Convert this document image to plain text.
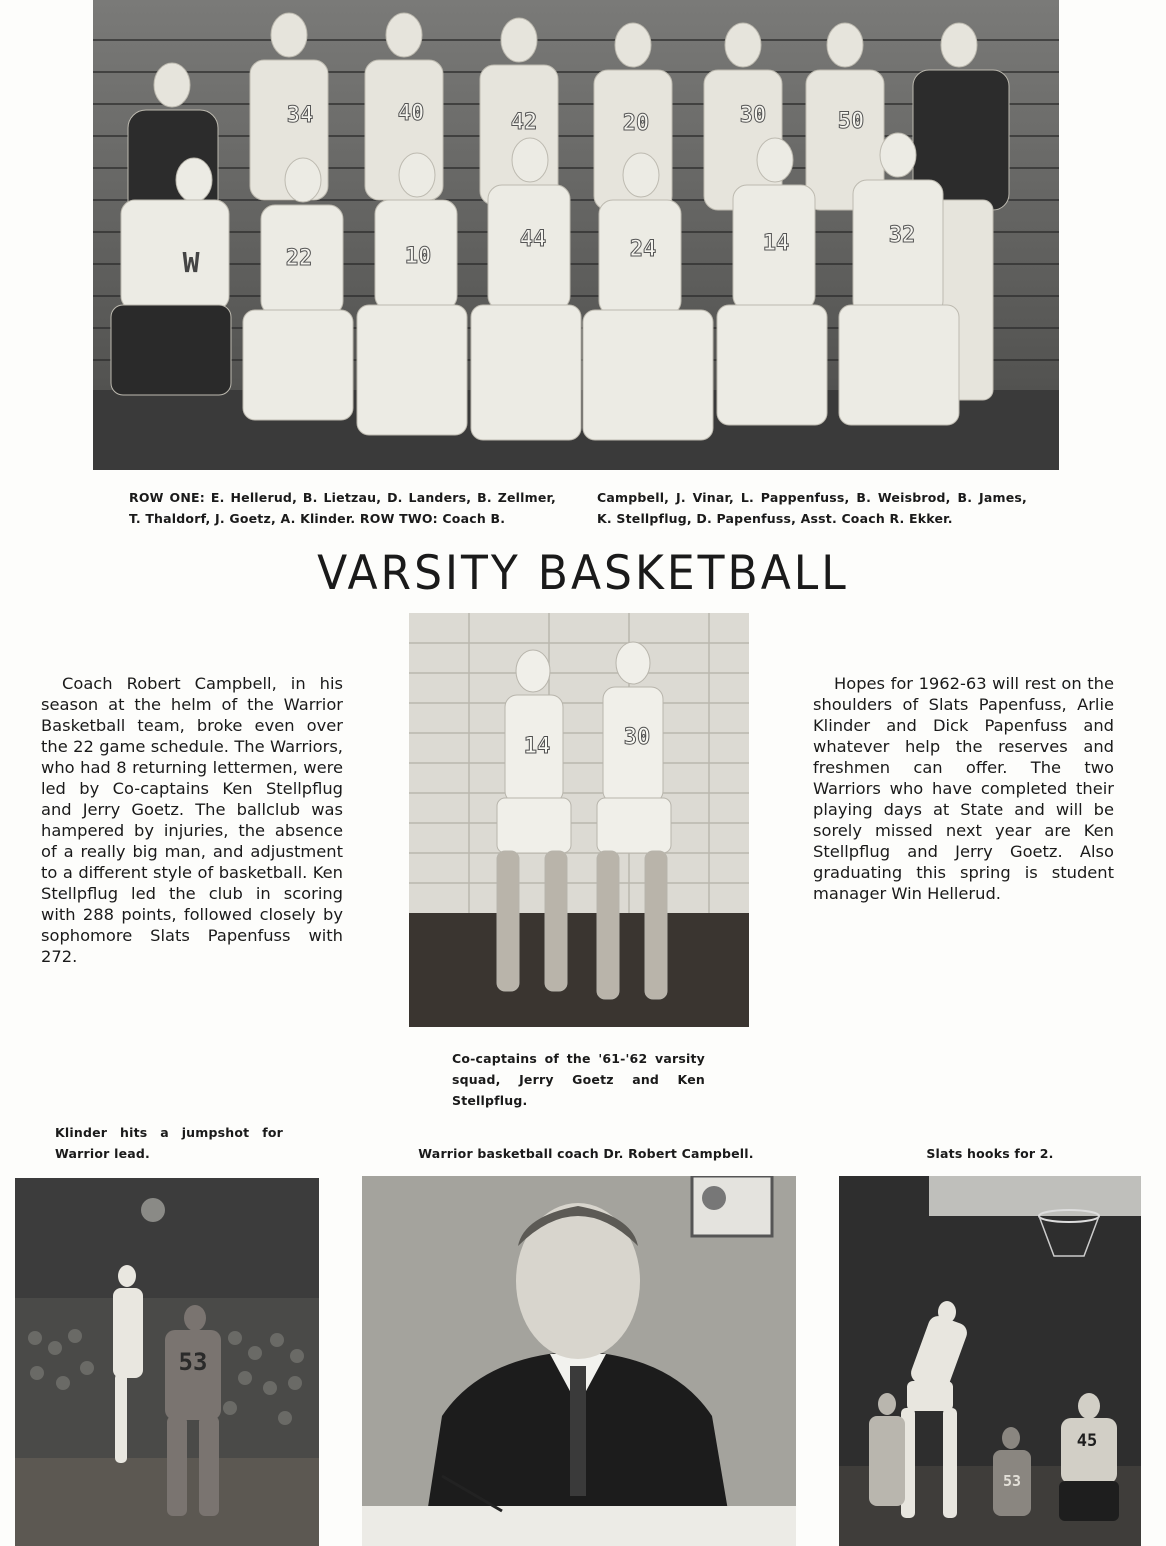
34	40	42	20	30	50
22	10
44	24	14	32
W

ROW ONE: E. Hellerud, B. Lietzau, D. Landers, B. Zellmer, T. Thaldorf, J. Goetz, A. Klinder. ROW TWO: Coach B.

Campbell, J. Vinar, L. Pappenfuss, B. Weisbrod, B. James, K. Stellpflug, D. Papenfuss, Asst. Coach R. Ekker.

VARSITY BASKETBALL

Coach Robert Campbell, in his season at the helm of the Warrior Basketball team, broke even over the 22 game schedule. The Warriors, who had 8 returning lettermen, were led by Co-captains Ken Stellpflug and Jerry Goetz. The ballclub was hampered by injuries, the absence of a really big man, and adjustment to a different style of basketball. Ken Stellpflug led the club in scoring with 288 points, followed closely by sophomore Slats Papenfuss with 272.

14	30

Hopes for 1962-63 will rest on the shoulders of Slats Papenfuss, Arlie Klinder and Dick Papenfuss and whatever help the reserves and freshmen can offer. The two Warriors who have completed their playing days at State and will be sorely missed next year are Ken Stellpflug and Jerry Goetz. Also graduating this spring is student manager Win Hellerud.

Co-captains of the '61-'62 varsity squad, Jerry Goetz and Ken Stellpflug.

Klinder hits a jumpshot for Warrior lead.	Warrior basketball coach Dr. Robert Campbell.	Slats hooks for 2.

53
45
53
